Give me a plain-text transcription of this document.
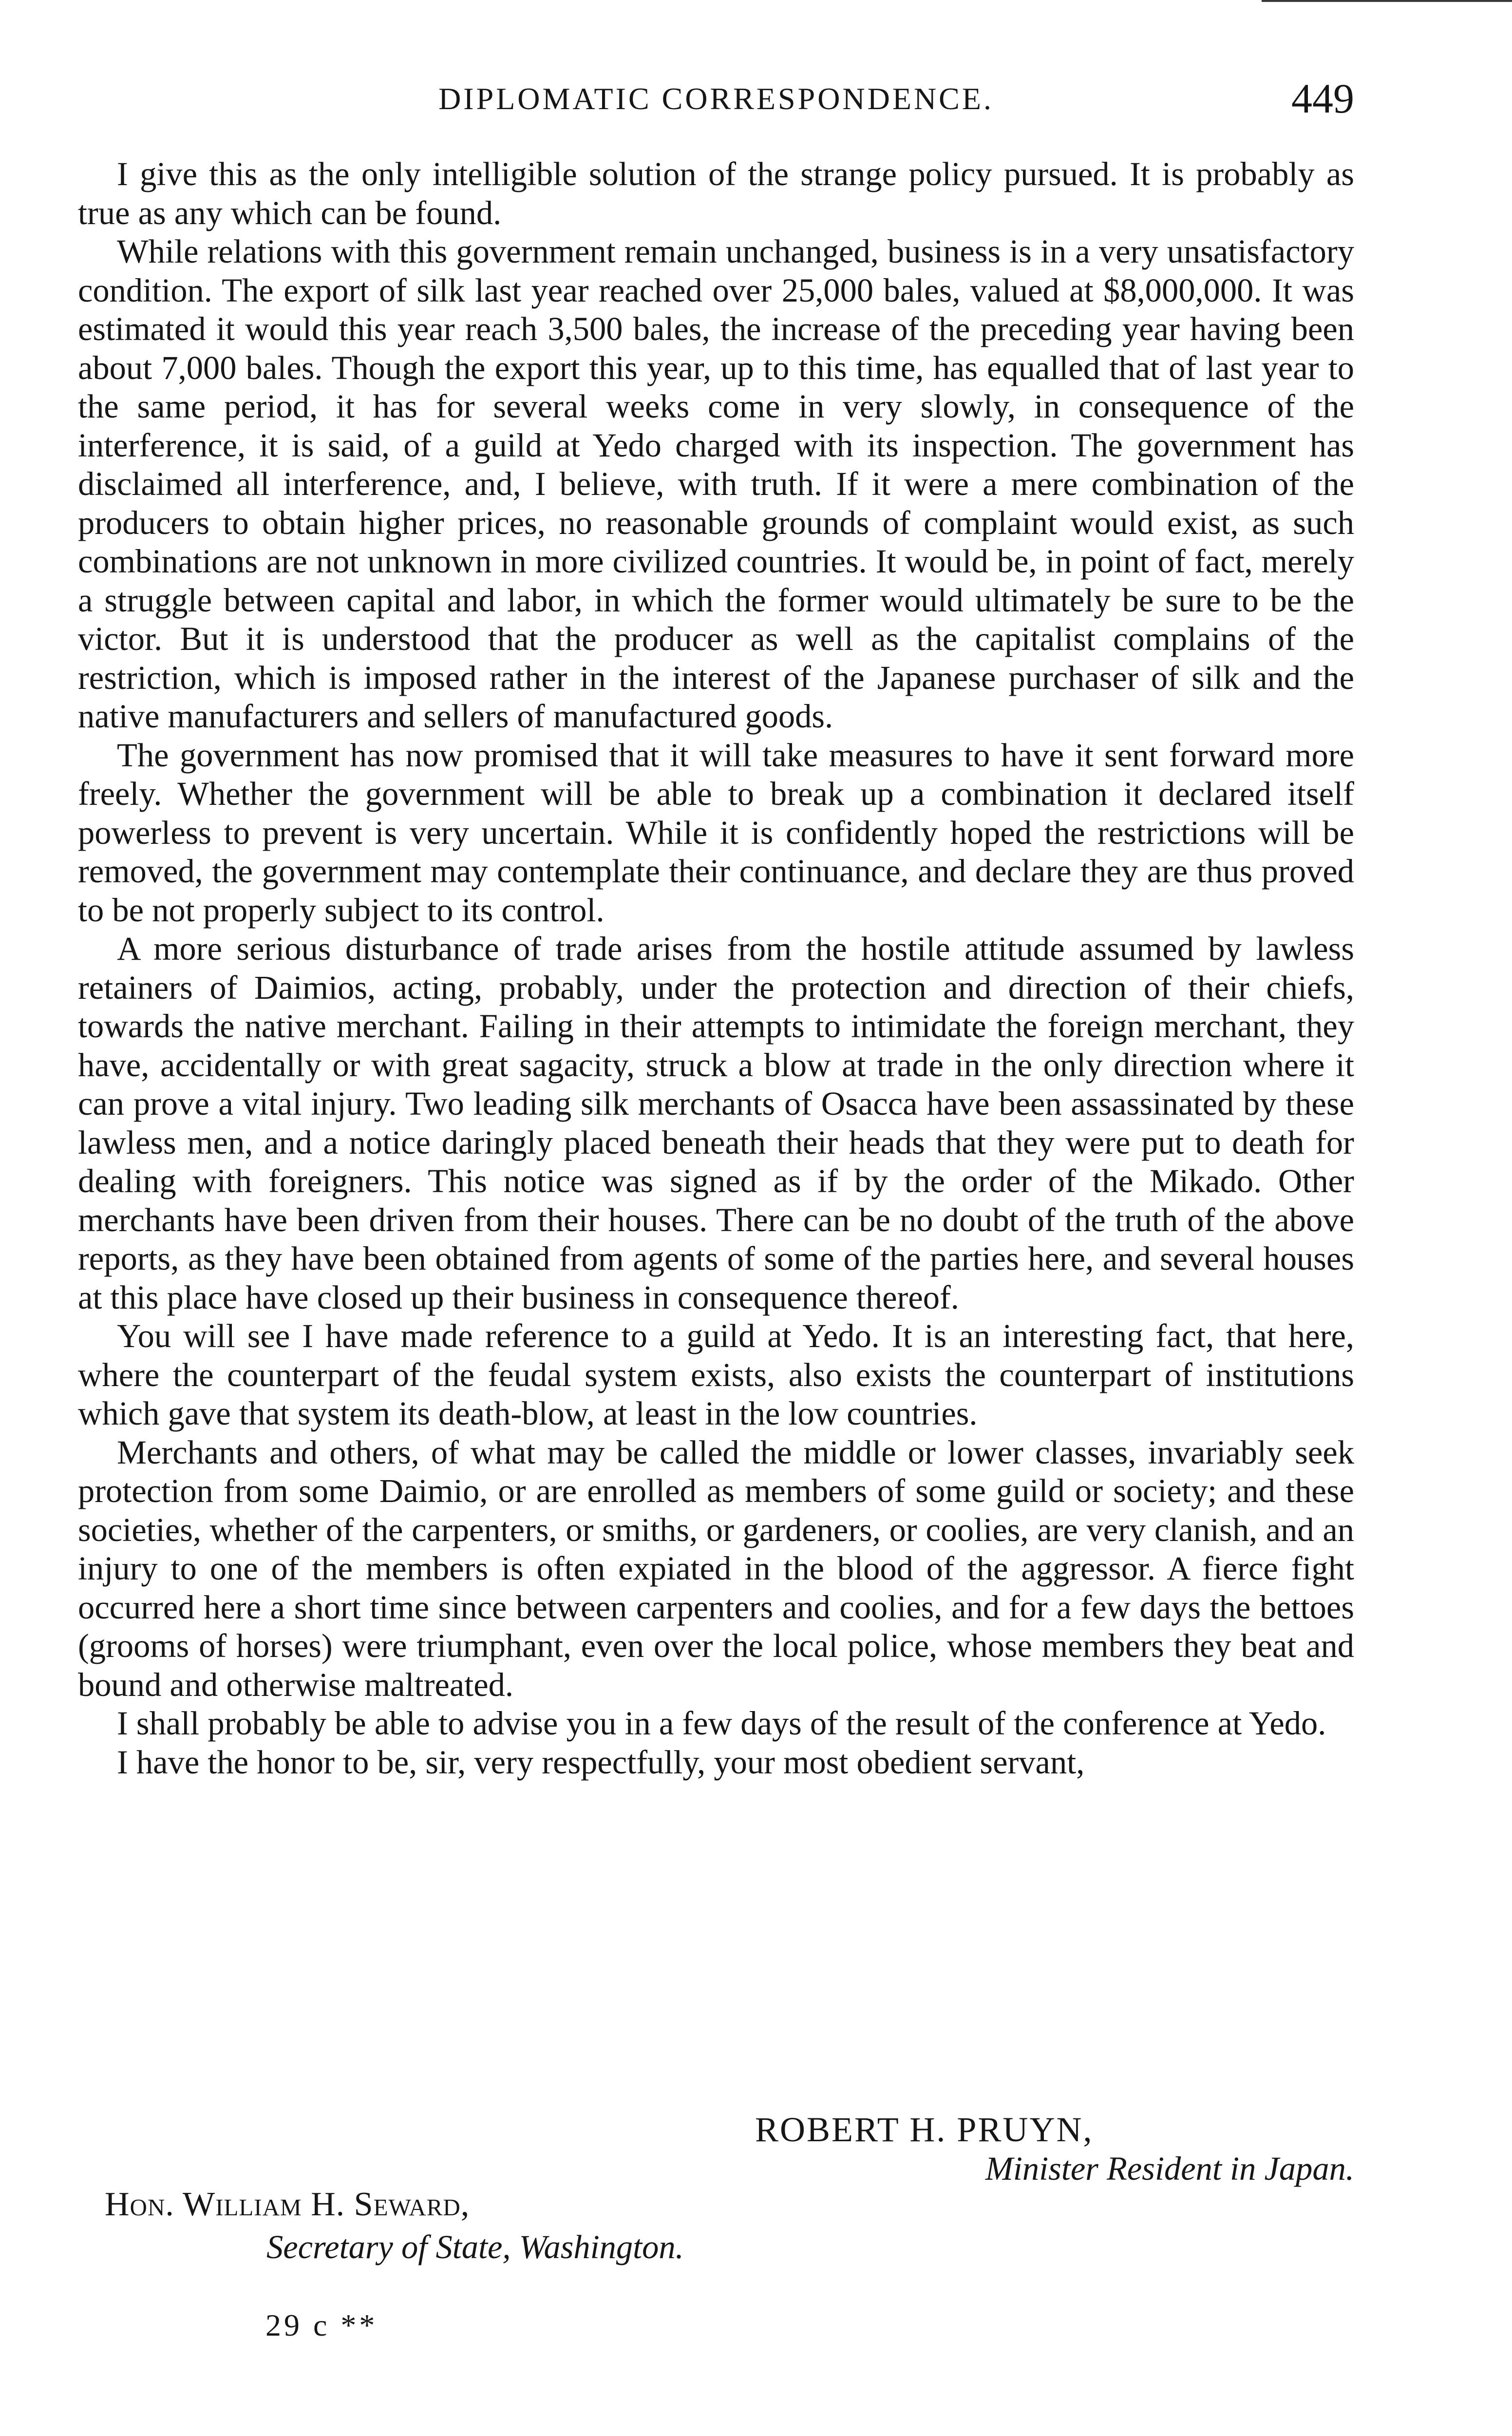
DIPLOMATIC CORRESPONDENCE.	449

I give this as the only intelligible solution of the strange policy pursued. It is probably as true as any which can be found.

While relations with this government remain unchanged, business is in a very unsatisfactory condition. The export of silk last year reached over 25,000 bales, valued at $8,000,000. It was estimated it would this year reach 3,500 bales, the increase of the preceding year having been about 7,000 bales. Though the export this year, up to this time, has equalled that of last year to the same period, it has for several weeks come in very slowly, in consequence of the interference, it is said, of a guild at Yedo charged with its inspection. The government has disclaimed all interference, and, I believe, with truth. If it were a mere combination of the producers to obtain higher prices, no reasonable grounds of complaint would exist, as such combinations are not unknown in more civilized countries. It would be, in point of fact, merely a struggle between capital and labor, in which the former would ultimately be sure to be the victor. But it is understood that the producer as well as the capitalist complains of the restriction, which is imposed rather in the interest of the Japanese purchaser of silk and the native manufacturers and sellers of manufactured goods.

The government has now promised that it will take measures to have it sent forward more freely. Whether the government will be able to break up a combination it declared itself powerless to prevent is very uncertain. While it is confidently hoped the restrictions will be removed, the government may contemplate their continuance, and declare they are thus proved to be not properly subject to its control.

A more serious disturbance of trade arises from the hostile attitude assumed by lawless retainers of Daimios, acting, probably, under the protection and direction of their chiefs, towards the native merchant. Failing in their attempts to intimidate the foreign merchant, they have, accidentally or with great sagacity, struck a blow at trade in the only direction where it can prove a vital injury. Two leading silk merchants of Osacca have been assassinated by these lawless men, and a notice daringly placed beneath their heads that they were put to death for dealing with foreigners. This notice was signed as if by the order of the Mikado. Other merchants have been driven from their houses. There can be no doubt of the truth of the above reports, as they have been obtained from agents of some of the parties here, and several houses at this place have closed up their business in consequence thereof.

You will see I have made reference to a guild at Yedo. It is an interesting fact, that here, where the counterpart of the feudal system exists, also exists the counterpart of institutions which gave that system its death-blow, at least in the low countries.

Merchants and others, of what may be called the middle or lower classes, invariably seek protection from some Daimio, or are enrolled as members of some guild or society; and these societies, whether of the carpenters, or smiths, or gardeners, or coolies, are very clanish, and an injury to one of the members is often expiated in the blood of the aggressor. A fierce fight occurred here a short time since between carpenters and coolies, and for a few days the bettoes (grooms of horses) were triumphant, even over the local police, whose members they beat and bound and otherwise maltreated.

I shall probably be able to advise you in a few days of the result of the conference at Yedo.

I have the honor to be, sir, very respectfully, your most obedient servant,

ROBERT H. PRUYN,
Minister Resident in Japan.
Hon. William H. Seward,
Secretary of State, Washington.
29 c **
